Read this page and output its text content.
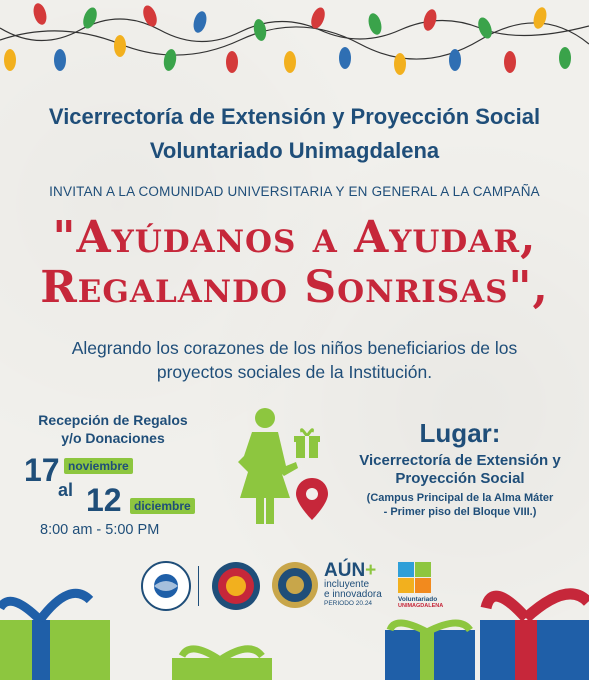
Vicerrectoría de Extensión y Proyección Social
Voluntariado Unimagdalena
INVITAN A LA COMUNIDAD UNIVERSITARIA Y EN GENERAL A LA CAMPAÑA
"Ayúdanos a Ayudar,
Regalando Sonrisas",
Alegrando los corazones de los niños beneficiarios de los
proyectos sociales de la Institución.
Recepción de Regalos
y/o Donaciones
17 noviembre
al 12	diciembre
8:00 am - 5:00 PM
Lugar:
Vicerrectoría de Extensión y
Proyección Social
(Campus Principal de la Alma Máter
- Primer piso del Bloque VIII.)
AÚN+
incluyente
e innovadora
PERIODO 20.24
Voluntariado
UNIMAGDALENA
